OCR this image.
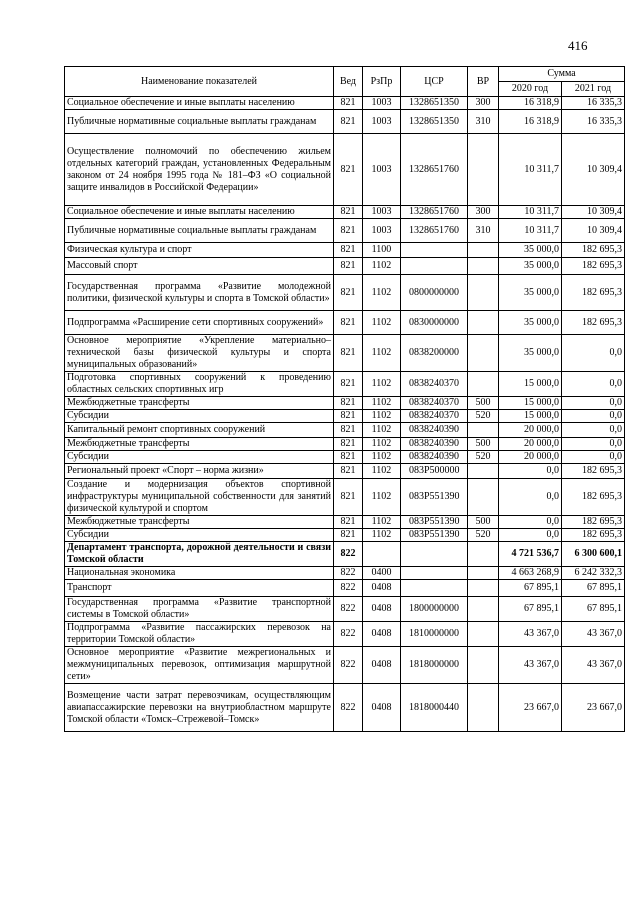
416
Наименование показателей	Вед	РзПр	ЦСР	ВР	Сумма	
					2020 год	2021 год
Социальное обеспечение и иные выплаты населению	821	1003	1328651350	300	16 318,9	16 335,3
Публичные нормативные социальные выплаты гражданам	821	1003	1328651350	310	16 318,9	16 335,3
Осуществление полномочий по обеспечению жильем отдельных категорий граждан, установленных Федеральным законом от 24 ноября 1995 года № 181–ФЗ «О социальной защите инвалидов в Российской Федерации»	821	1003	1328651760		10 311,7	10 309,4
Социальное обеспечение и иные выплаты населению	821	1003	1328651760	300	10 311,7	10 309,4
Публичные нормативные социальные выплаты гражданам	821	1003	1328651760	310	10 311,7	10 309,4
Физическая культура и спорт	821	1100			35 000,0	182 695,3
Массовый спорт	821	1102			35 000,0	182 695,3
Государственная программа «Развитие молодежной политики, физической культуры и спорта в Томской области»	821	1102	0800000000		35 000,0	182 695,3
Подпрограмма «Расширение сети спортивных сооружений»	821	1102	0830000000		35 000,0	182 695,3
Основное мероприятие «Укрепление материально–технической базы физической культуры и спорта муниципальных образований»	821	1102	0838200000		35 000,0	0,0
Подготовка спортивных сооружений к проведению областных сельских спортивных игр	821	1102	0838240370		15 000,0	0,0
Межбюджетные трансферты	821	1102	0838240370	500	15 000,0	0,0
Субсидии	821	1102	0838240370	520	15 000,0	0,0
Капитальный ремонт спортивных сооружений	821	1102	0838240390		20 000,0	0,0
Межбюджетные трансферты	821	1102	0838240390	500	20 000,0	0,0
Субсидии	821	1102	0838240390	520	20 000,0	0,0
Региональный проект «Спорт – норма жизни»	821	1102	083P500000		0,0	182 695,3
Создание и модернизация объектов спортивной инфраструктуры муниципальной собственности для занятий физической культурой и спортом	821	1102	083P551390		0,0	182 695,3
Межбюджетные трансферты	821	1102	083P551390	500	0,0	182 695,3
Субсидии	821	1102	083P551390	520	0,0	182 695,3
Департамент транспорта, дорожной деятельности и связи Томской области	822				4 721 536,7	6 300 600,1
Национальная экономика	822	0400			4 663 268,9	6 242 332,3
Транспорт	822	0408			67 895,1	67 895,1
Государственная программа «Развитие транспортной системы в Томской области»	822	0408	1800000000		67 895,1	67 895,1
Подпрограмма «Развитие пассажирских перевозок на территории Томской области»	822	0408	1810000000		43 367,0	43 367,0
Основное мероприятие «Развитие межрегиональных и межмуниципальных перевозок, оптимизация маршрутной сети»	822	0408	1818000000		43 367,0	43 367,0
Возмещение части затрат перевозчикам, осуществляющим авиапассажирские перевозки на внутриобластном маршруте Томской области «Томск–Стрежевой–Томск»	822	0408	1818000440		23 667,0	23 667,0
